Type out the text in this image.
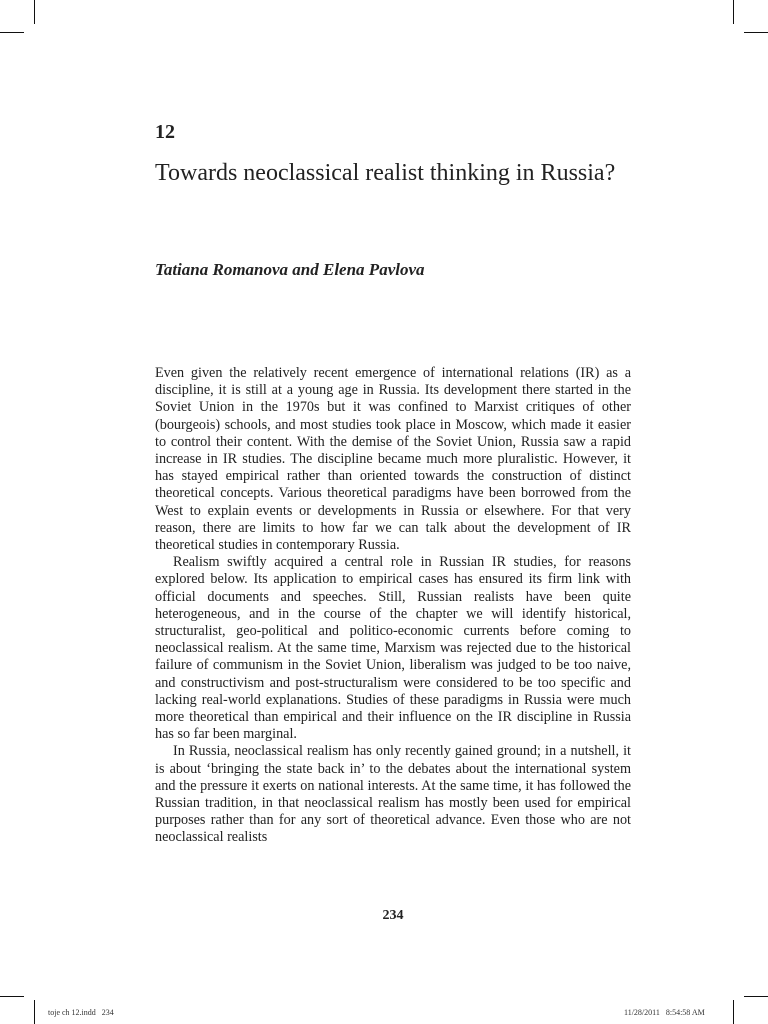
12
Towards neoclassical realist thinking in Russia?
Tatiana Romanova and Elena Pavlova

Even given the relatively recent emergence of international relations (IR) as a discipline, it is still at a young age in Russia. Its development there started in the Soviet Union in the 1970s but it was confined to Marxist critiques of other (bourgeois) schools, and most studies took place in Moscow, which made it easier to control their content. With the demise of the Soviet Union, Russia saw a rapid increase in IR studies. The discipline became much more pluralistic. However, it has stayed empirical rather than oriented towards the construction of distinct theoretical concepts. Various theoretical paradigms have been borrowed from the West to explain events or developments in Russia or elsewhere. For that very reason, there are limits to how far we can talk about the development of IR theoretical studies in contemporary Russia.

Realism swiftly acquired a central role in Russian IR studies, for reasons explored below. Its application to empirical cases has ensured its firm link with official documents and speeches. Still, Russian realists have been quite heterogeneous, and in the course of the chapter we will identify historical, structuralist, geo-political and politico-economic currents before coming to neoclassical realism. At the same time, Marxism was rejected due to the historical failure of communism in the Soviet Union, liberalism was judged to be too naive, and constructivism and post-structuralism were considered to be too specific and lacking real-world explanations. Studies of these paradigms in Russia were much more theoretical than empirical and their influence on the IR discipline in Russia has so far been marginal.

In Russia, neoclassical realism has only recently gained ground; in a nutshell, it is about ‘bringing the state back in’ to the debates about the international system and the pressure it exerts on national interests. At the same time, it has followed the Russian tradition, in that neoclassical realism has mostly been used for empirical purposes rather than for any sort of theoretical advance. Even those who are not neoclassical realists

234
toje ch 12.indd   234	11/28/2011   8:54:58 AM
